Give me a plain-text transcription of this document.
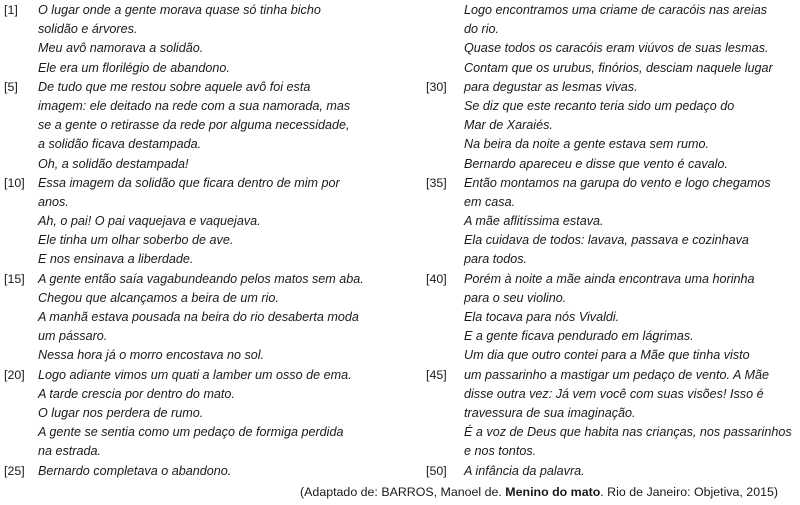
[1] O lugar onde a gente morava quase só tinha bicho
solidão e árvores.
Meu avô namorava a solidão.
Ele era um florilégio de abandono.
[5] De tudo que me restou sobre aquele avô foi esta
imagem: ele deitado na rede com a sua namorada, mas
se a gente o retirasse da rede por alguma necessidade,
a solidão ficava destampada.
Oh, a solidão destampada!
[10] Essa imagem da solidão que ficara dentro de mim por
anos.
Ah, o pai! O pai vaquejava e vaquejava.
Ele tinha um olhar soberbo de ave.
E nos ensinava a liberdade.
[15] A gente então saía vagabundeando pelos matos sem aba.
Chegou que alcançamos a beira de um rio.
A manhã estava pousada na beira do rio desaberta moda
um pássaro.
Nessa hora já o morro encostava no sol.
[20] Logo adiante vimos um quati a lamber um osso de ema.
A tarde crescia por dentro do mato.
O lugar nos perdera de rumo.
A gente se sentia como um pedaço de formiga perdida
na estrada.
[25] Bernardo completava o abandono.
Logo encontramos uma criame de caracóis nas areias
do rio.
Quase todos os caracóis eram viúvos de suas lesmas.
Contam que os urubus, finórios, desciam naquele lugar
[30] para degustar as lesmas vivas.
Se diz que este recanto teria sido um pedaço do
Mar de Xaraiés.
Na beira da noite a gente estava sem rumo.
Bernardo apareceu e disse que vento é cavalo.
[35] Então montamos na garupa do vento e logo chegamos
em casa.
A mãe aflitíssima estava.
Ela cuidava de todos: lavava, passava e cozinhava
para todos.
[40] Porém à noite a mãe ainda encontrava uma horinha
para o seu violino.
Ela tocava para nós Vivaldi.
E a gente ficava pendurado em lágrimas.
Um dia que outro contei para a Mãe que tinha visto
[45] um passarinho a mastigar um pedaço de vento. A Mãe
disse outra vez: Já vem você com suas visões! Isso é
travessura de sua imaginação.
É a voz de Deus que habita nas crianças, nos passarinhos
e nos tontos.
[50] A infância da palavra.
(Adaptado de: BARROS, Manoel de. Menino do mato. Rio de Janeiro: Objetiva, 2015)
